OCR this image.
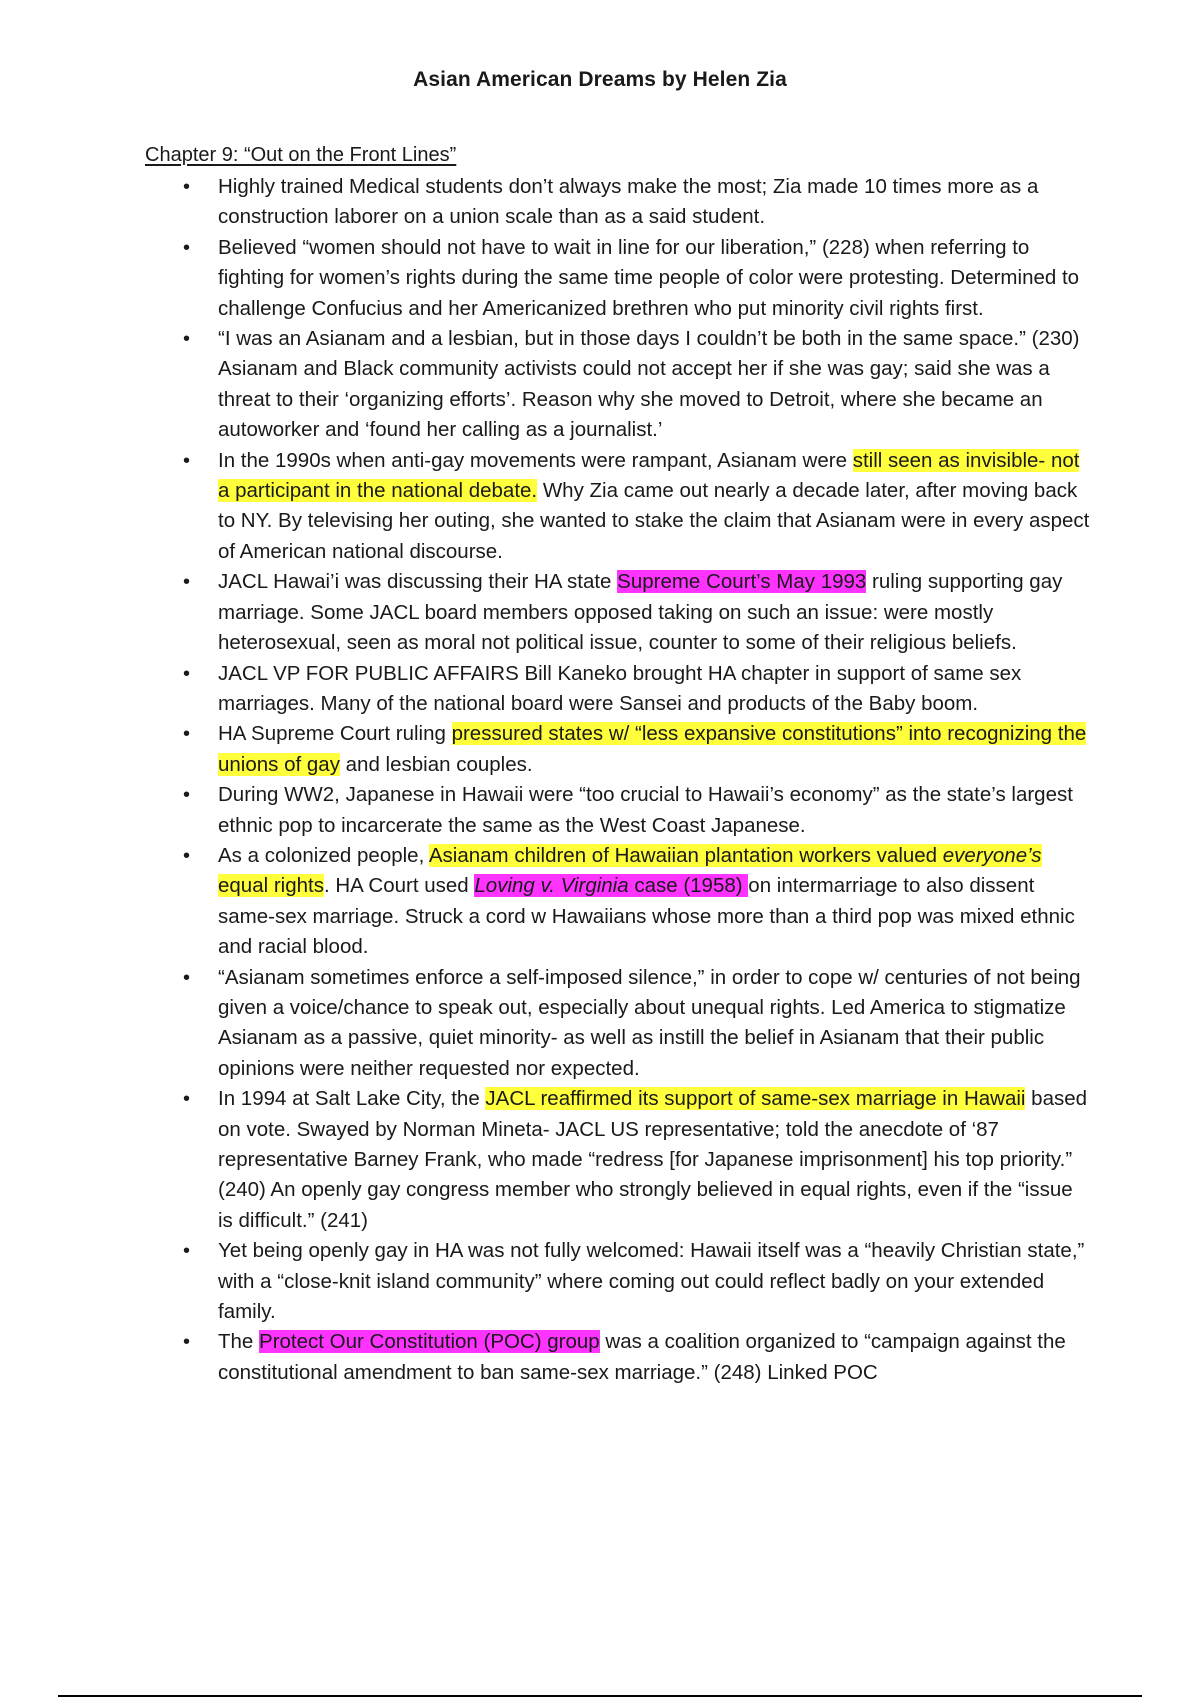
Asian American Dreams by Helen Zia
Chapter 9: “Out on the Front Lines”
• Highly trained Medical students don’t always make the most; Zia made 10 times more as a construction laborer on a union scale than as a said student.
• Believed “women should not have to wait in line for our liberation,” (228) when referring to fighting for women’s rights during the same time people of color were protesting. Determined to challenge Confucius and her Americanized brethren who put minority civil rights first.
• “I was an Asianam and a lesbian, but in those days I couldn’t be both in the same space.” (230) Asianam and Black community activists could not accept her if she was gay; said she was a threat to their ‘organizing efforts’. Reason why she moved to Detroit, where she became an autoworker and ‘found her calling as a journalist.’
• In the 1990s when anti-gay movements were rampant, Asianam were still seen as invisible- not a participant in the national debate. Why Zia came out nearly a decade later, after moving back to NY. By televising her outing, she wanted to stake the claim that Asianam were in every aspect of American national discourse.
• JACL Hawai’i was discussing their HA state Supreme Court’s May 1993 ruling supporting gay marriage. Some JACL board members opposed taking on such an issue: were mostly heterosexual, seen as moral not political issue, counter to some of their religious beliefs.
• JACL VP FOR PUBLIC AFFAIRS Bill Kaneko brought HA chapter in support of same sex marriages. Many of the national board were Sansei and products of the Baby boom.
• HA Supreme Court ruling pressured states w/ “less expansive constitutions” into recognizing the unions of gay and lesbian couples.
• During WW2, Japanese in Hawaii were “too crucial to Hawaii’s economy” as the state’s largest ethnic pop to incarcerate the same as the West Coast Japanese.
• As a colonized people, Asianam children of Hawaiian plantation workers valued everyone’s equal rights. HA Court used Loving v. Virginia case (1958) on intermarriage to also dissent same-sex marriage. Struck a cord w Hawaiians whose more than a third pop was mixed ethnic and racial blood.
• “Asianam sometimes enforce a self-imposed silence,” in order to cope w/ centuries of not being given a voice/chance to speak out, especially about unequal rights. Led America to stigmatize Asianam as a passive, quiet minority- as well as instill the belief in Asianam that their public opinions were neither requested nor expected.
• In 1994 at Salt Lake City, the JACL reaffirmed its support of same-sex marriage in Hawaii based on vote. Swayed by Norman Mineta- JACL US representative; told the anecdote of ‘87 representative Barney Frank, who made “redress [for Japanese imprisonment] his top priority.” (240) An openly gay congress member who strongly believed in equal rights, even if the “issue is difficult.” (241)
• Yet being openly gay in HA was not fully welcomed: Hawaii itself was a “heavily Christian state,” with a “close-knit island community” where coming out could reflect badly on your extended family.
• The Protect Our Constitution (POC) group was a coalition organized to “campaign against the constitutional amendment to ban same-sex marriage.” (248) Linked POC
